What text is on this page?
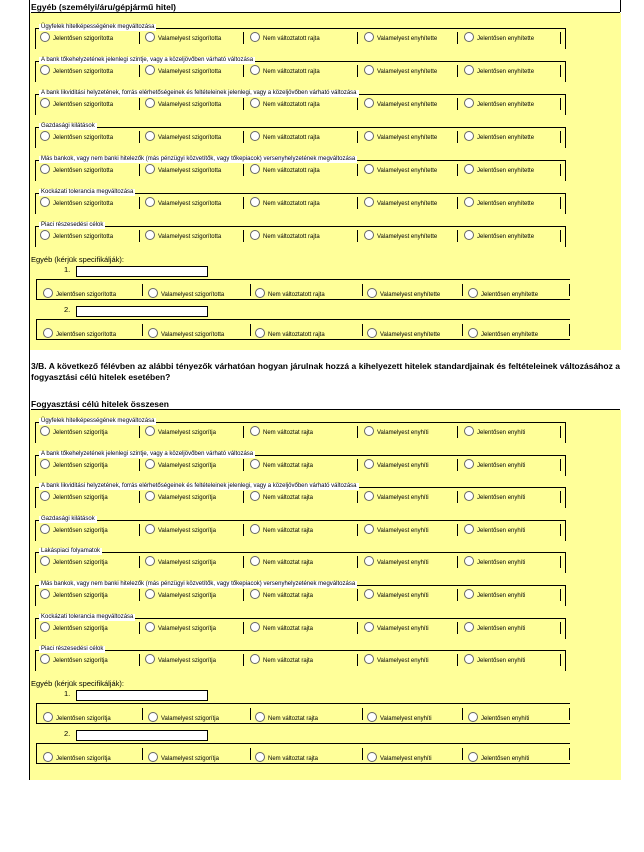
Egyéb (személyi/áru/gépjármű hitel)
Ügyfelek hitelképességének megváltozása
Jelentősen szigorította	Valamelyest szigorította	Nem változtatott rajta	Valamelyest enyhítette	Jelentősen enyhítette
A bank tőkehelyzetének jelenlegi szintje, vagy a közeljövőben várható változása
Jelentősen szigorította	Valamelyest szigorította	Nem változtatott rajta	Valamelyest enyhítette	Jelentősen enyhítette
A bank likviditási helyzetének, forrás elérhetőségeinek és feltételeinek jelenlegi, vagy a közeljövőben várható változása
Jelentősen szigorította	Valamelyest szigorította	Nem változtatott rajta	Valamelyest enyhítette	Jelentősen enyhítette
Gazdasági kilátások
Jelentősen szigorította	Valamelyest szigorította	Nem változtatott rajta	Valamelyest enyhítette	Jelentősen enyhítette
Más bankok, vagy nem banki hitelezők (más pénzügyi közvetítők, vagy tőkepiacok) versenyhelyzetének megváltozása
Jelentősen szigorította	Valamelyest szigorította	Nem változtatott rajta	Valamelyest enyhítette	Jelentősen enyhítette
Kockázati tolerancia megváltozása
Jelentősen szigorította	Valamelyest szigorította	Nem változtatott rajta	Valamelyest enyhítette	Jelentősen enyhítette
Piaci részesedési célok
Jelentősen szigorította	Valamelyest szigorította	Nem változtatott rajta	Valamelyest enyhítette	Jelentősen enyhítette
Egyéb (kérjük specifikálják):
1.
Jelentősen szigorította	Valamelyest szigorította	Nem változtatott rajta	Valamelyest enyhítette	Jelentősen enyhítette
2.
Jelentősen szigorította	Valamelyest szigorította	Nem változtatott rajta	Valamelyest enyhítette	Jelentősen enyhítette
3/B. A következő félévben az alábbi tényezők várhatóan hogyan járulnak hozzá a kihelyezett hitelek standardjainak és feltételeinek változásához a fogyasztási célú hitelek esetében?
Fogyasztási célú hitelek összesen
Ügyfelek hitelképességének megváltozása
Jelentősen szigorítja	Valamelyest szigorítja	Nem változtat rajta	Valamelyest enyhíti	Jelentősen enyhíti
A bank tőkehelyzetének jelenlegi szintje, vagy a közeljövőben várható változása
Jelentősen szigorítja	Valamelyest szigorítja	Nem változtat rajta	Valamelyest enyhíti	Jelentősen enyhíti
A bank likviditási helyzetének, forrás elérhetőségeinek és feltételeinek jelenlegi, vagy a közeljövőben várható változása
Jelentősen szigorítja	Valamelyest szigorítja	Nem változtat rajta	Valamelyest enyhíti	Jelentősen enyhíti
Gazdasági kilátások
Jelentősen szigorítja	Valamelyest szigorítja	Nem változtat rajta	Valamelyest enyhíti	Jelentősen enyhíti
Lakáspiaci folyamatok
Jelentősen szigorítja	Valamelyest szigorítja	Nem változtat rajta	Valamelyest enyhíti	Jelentősen enyhíti
Más bankok, vagy nem banki hitelezők (más pénzügyi közvetítők, vagy tőkepiacok) versenyhelyzetének megváltozása
Jelentősen szigorítja	Valamelyest szigorítja	Nem változtat rajta	Valamelyest enyhíti	Jelentősen enyhíti
Kockázati tolerancia megváltozása
Jelentősen szigorítja	Valamelyest szigorítja	Nem változtat rajta	Valamelyest enyhíti	Jelentősen enyhíti
Piaci részesedési célok
Jelentősen szigorítja	Valamelyest szigorítja	Nem változtat rajta	Valamelyest enyhíti	Jelentősen enyhíti
Egyéb (kérjük specifikálják):
1.
Jelentősen szigorítja	Valamelyest szigorítja	Nem változtat rajta	Valamelyest enyhíti	Jelentősen enyhíti
2.
Jelentősen szigorítja	Valamelyest szigorítja	Nem változtat rajta	Valamelyest enyhíti	Jelentősen enyhíti
